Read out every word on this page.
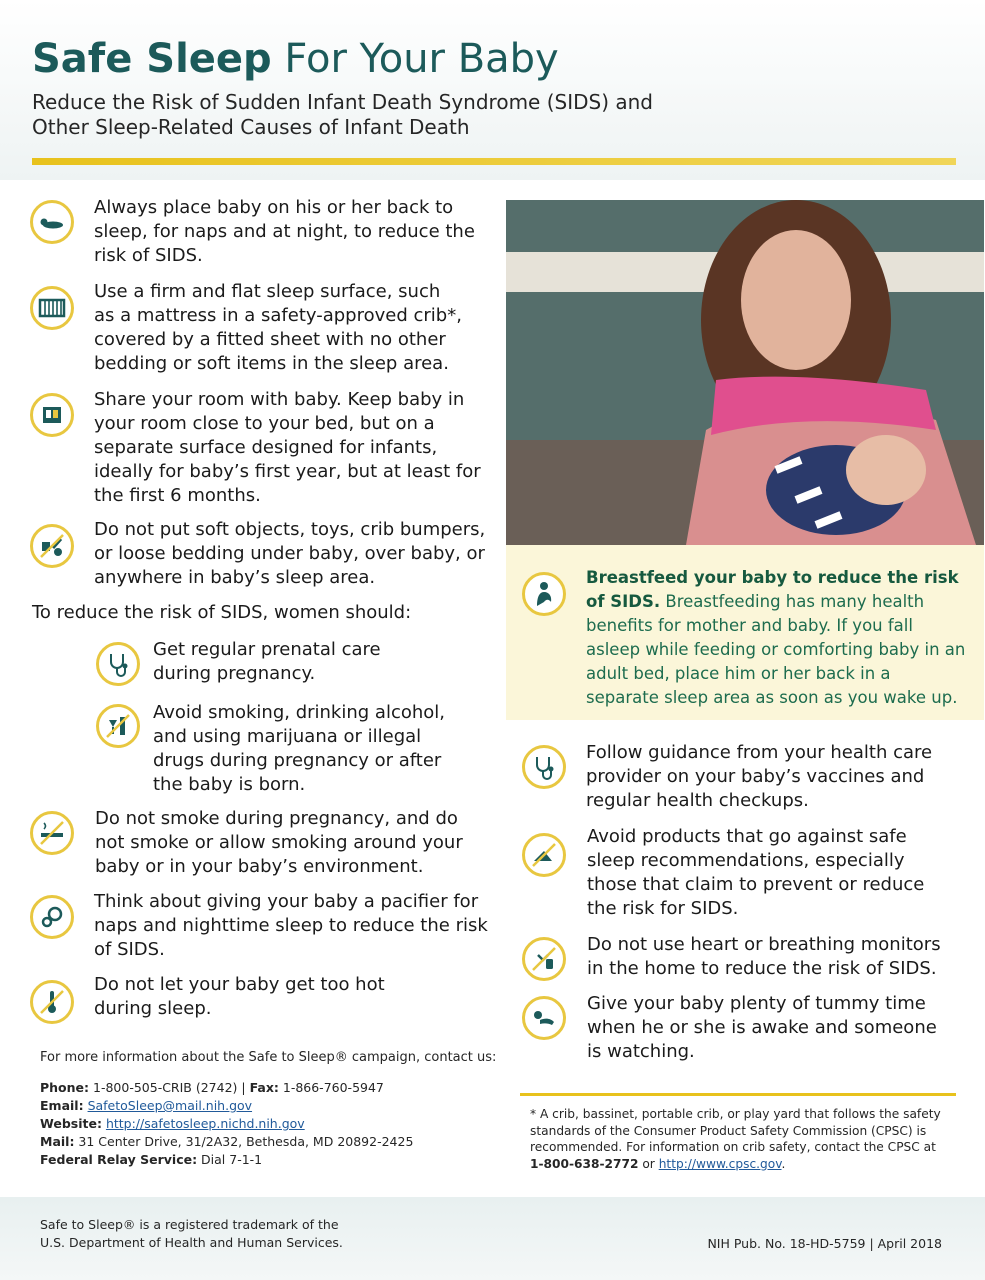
Safe Sleep For Your Baby
Reduce the Risk of Sudden Infant Death Syndrome (SIDS) and
Other Sleep-Related Causes of Infant Death
Always place baby on his or her back to sleep, for naps and at night, to reduce the risk of SIDS.
Use a firm and flat sleep surface, such as a mattress in a safety-approved crib*, covered by a fitted sheet with no other bedding or soft items in the sleep area.
Share your room with baby. Keep baby in your room close to your bed, but on a separate surface designed for infants, ideally for baby’s first year, but at least for the first 6 months.
Do not put soft objects, toys, crib bumpers, or loose bedding under baby, over baby, or anywhere in baby’s sleep area.
To reduce the risk of SIDS, women should:
Get regular prenatal care during pregnancy.
Avoid smoking, drinking alcohol, and using marijuana or illegal drugs during pregnancy or after the baby is born.
Do not smoke during pregnancy, and do not smoke or allow smoking around your baby or in your baby’s environment.
Think about giving your baby a pacifier for naps and nighttime sleep to reduce the risk of SIDS.
Do not let your baby get too hot during sleep.
Breastfeed your baby to reduce the risk of SIDS. Breastfeeding has many health benefits for mother and baby. If you fall asleep while feeding or comforting baby in an adult bed, place him or her back in a separate sleep area as soon as you wake up.
Follow guidance from your health care provider on your baby’s vaccines and regular health checkups.
Avoid products that go against safe sleep recommendations, especially those that claim to prevent or reduce the risk for SIDS.
Do not use heart or breathing monitors in the home to reduce the risk of SIDS.
Give your baby plenty of tummy time when he or she is awake and someone is watching.
For more information about the Safe to Sleep® campaign, contact us:
Phone: 1-800-505-CRIB (2742) | Fax: 1-866-760-5947
Email: SafetoSleep@mail.nih.gov
Website: http://safetosleep.nichd.nih.gov
Mail: 31 Center Drive, 31/2A32, Bethesda, MD 20892-2425
Federal Relay Service: Dial 7-1-1
* A crib, bassinet, portable crib, or play yard that follows the safety standards of the Consumer Product Safety Commission (CPSC) is recommended. For information on crib safety, contact the CPSC at 1-800-638-2772 or http://www.cpsc.gov.
Safe to Sleep® is a registered trademark of the
U.S. Department of Health and Human Services.	NIH Pub. No. 18-HD-5759 | April 2018
